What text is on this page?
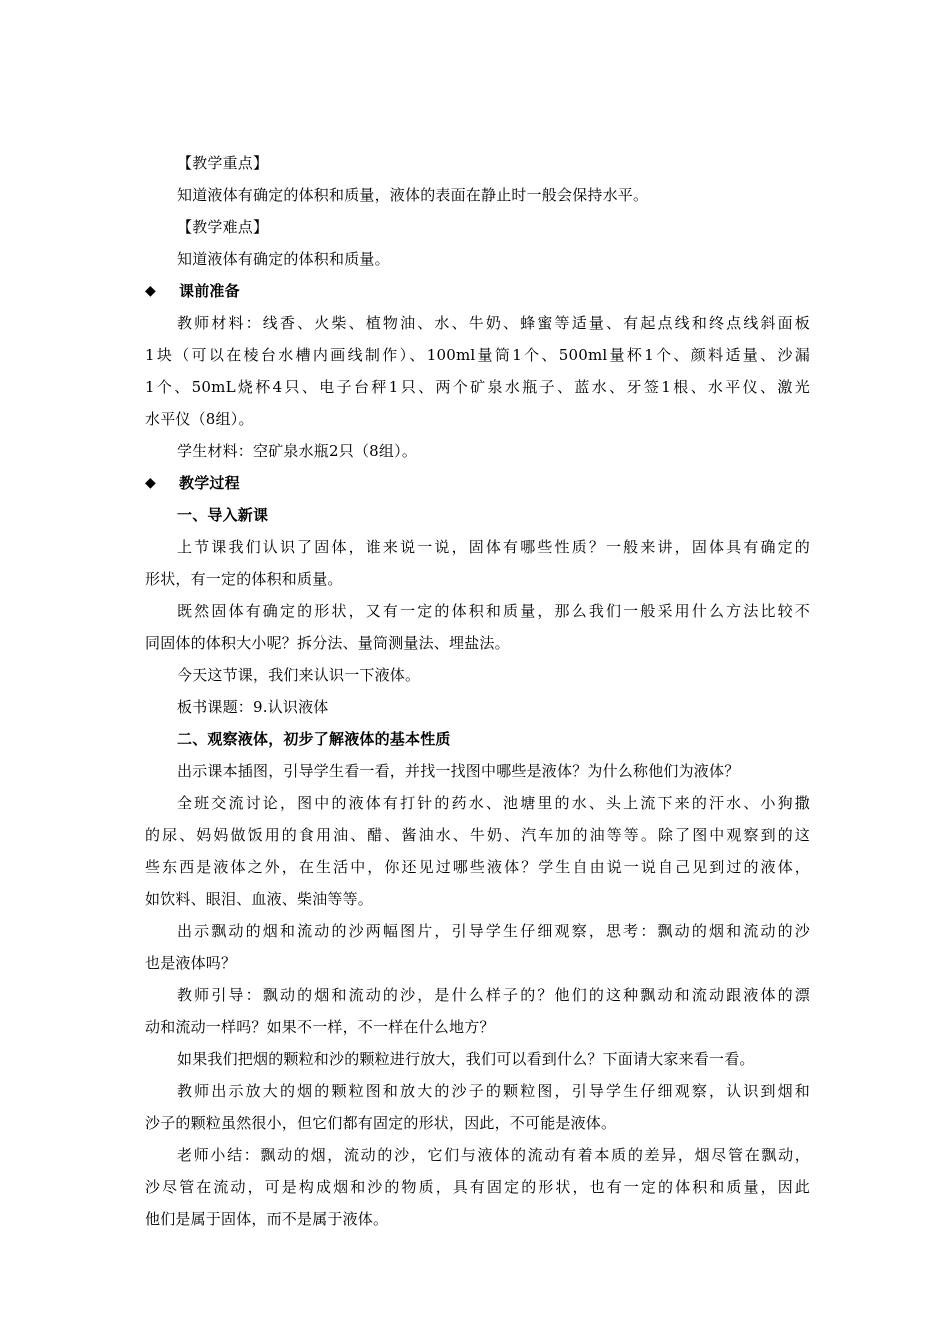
【教学重点】
知道液体有确定的体积和质量，液体的表面在静止时一般会保持水平。
【教学难点】
知道液体有确定的体积和质量。
◆	课前准备
教师材料：线香、火柴、植物油、水、牛奶、蜂蜜等适量、有起点线和终点线斜面板
1块（可以在棱台水槽内画线制作）、100ml量筒1个、500ml量杯1个、颜料适量、沙漏
1个、50mL烧杯4只、电子台秤1只、两个矿泉水瓶子、蓝水、牙签1根、水平仪、激光
水平仪（8组）。
学生材料：空矿泉水瓶2只（8组）。
◆	教学过程
一、导入新课
上节课我们认识了固体，谁来说一说，固体有哪些性质？一般来讲，固体具有确定的
形状，有一定的体积和质量。
既然固体有确定的形状，又有一定的体积和质量，那么我们一般采用什么方法比较不
同固体的体积大小呢？拆分法、量筒测量法、埋盐法。
今天这节课，我们来认识一下液体。
板书课题：9.认识液体
二、观察液体，初步了解液体的基本性质
出示课本插图，引导学生看一看，并找一找图中哪些是液体？为什么称他们为液体？
全班交流讨论，图中的液体有打针的药水、池塘里的水、头上流下来的汗水、小狗撒
的尿、妈妈做饭用的食用油、醋、酱油水、牛奶、汽车加的油等等。除了图中观察到的这
些东西是液体之外，在生活中，你还见过哪些液体？学生自由说一说自己见到过的液体，
如饮料、眼泪、血液、柴油等等。
出示飘动的烟和流动的沙两幅图片，引导学生仔细观察，思考：飘动的烟和流动的沙
也是液体吗？
教师引导：飘动的烟和流动的沙，是什么样子的？他们的这种飘动和流动跟液体的漂
动和流动一样吗？如果不一样，不一样在什么地方？
如果我们把烟的颗粒和沙的颗粒进行放大，我们可以看到什么？下面请大家来看一看。
教师出示放大的烟的颗粒图和放大的沙子的颗粒图，引导学生仔细观察，认识到烟和
沙子的颗粒虽然很小，但它们都有固定的形状，因此，不可能是液体。
老师小结：飘动的烟，流动的沙，它们与液体的流动有着本质的差异，烟尽管在飘动，
沙尽管在流动，可是构成烟和沙的物质，具有固定的形状，也有一定的体积和质量，因此
他们是属于固体，而不是属于液体。
